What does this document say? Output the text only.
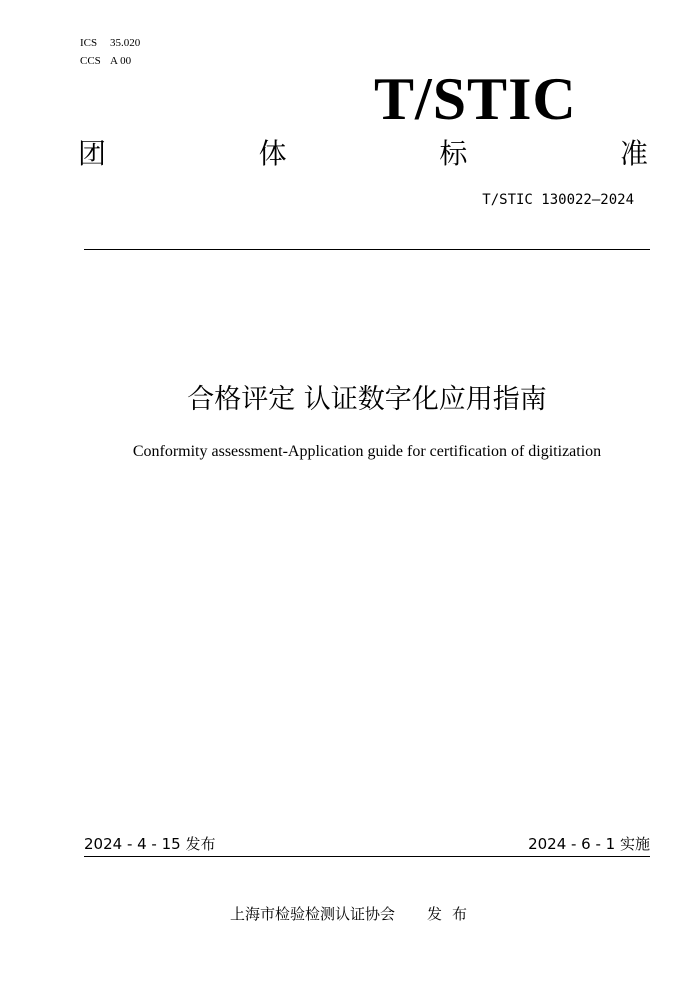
ICS 35.020
CCS A 00
T/STIC
团	体	标	准
T/STIC 130022—2024
合格评定 认证数字化应用指南
Conformity assessment-Application guide for certification of digitization
2024 - 4 - 15 发布	2024 - 6 - 1 实施
上海市检验检测认证协会 发布
